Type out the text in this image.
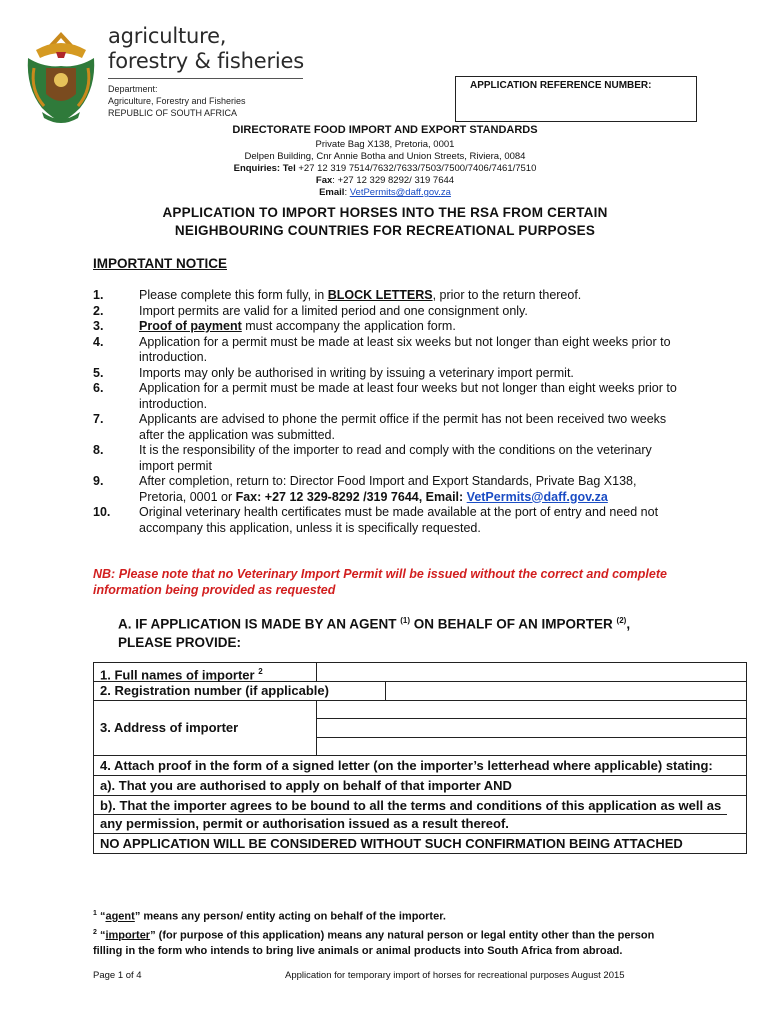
agriculture,
forestry & fisheries
Department:
Agriculture, Forestry and Fisheries
REPUBLIC OF SOUTH AFRICA
APPLICATION REFERENCE NUMBER:
DIRECTORATE FOOD IMPORT AND EXPORT STANDARDS
Private Bag X138, Pretoria, 0001
Delpen Building, Cnr Annie Botha and Union Streets, Riviera, 0084
Enquiries: Tel +27 12 319 7514/7632/7633/7503/7500/7406/7461/7510
Fax: +27 12 329 8292/ 319 7644
Email: VetPermits@daff.gov.za
APPLICATION TO IMPORT HORSES INTO THE RSA FROM CERTAIN
NEIGHBOURING COUNTRIES FOR RECREATIONAL PURPOSES
IMPORTANT NOTICE
1.	Please complete this form fully, in BLOCK LETTERS, prior to the return thereof.
2.	Import permits are valid for a limited period and one consignment only.
3.	Proof of payment must accompany the application form.
4.	Application for a permit must be made at least six weeks but not longer than eight weeks prior to introduction.
5.	Imports may only be authorised in writing by issuing a veterinary import permit.
6.	Application for a permit must be made at least four weeks but not longer than eight weeks prior to introduction.
7.	Applicants are advised to phone the permit office if the permit has not been received two weeks after the application was submitted.
8.	It is the responsibility of the importer to read and comply with the conditions on the veterinary import permit
9.	After completion, return to: Director Food Import and Export Standards, Private Bag X138, Pretoria, 0001 or Fax: +27 12 329-8292 /319 7644, Email: VetPermits@daff.gov.za
10.	Original veterinary health certificates must be made available at the port of entry and need not accompany this application, unless it is specifically requested.
NB: Please note that no Veterinary Import Permit will be issued without the correct and complete information being provided as requested
A. IF APPLICATION IS MADE BY AN AGENT $^{(1)}$ ON BEHALF OF AN IMPORTER $^{(2)}$, PLEASE PROVIDE:
1. Full names of importer $^2$
2. Registration number (if applicable)
3. Address of importer
4. Attach proof in the form of a signed letter (on the importer’s letterhead where applicable) stating:
a). That you are authorised to apply on behalf of that importer AND
b). That the importer agrees to be bound to all the terms and conditions of this application as well as
any permission, permit or authorisation issued as a result thereof.
NO APPLICATION WILL BE CONSIDERED WITHOUT SUCH CONFIRMATION BEING ATTACHED
$^1$ “agent” means any person/ entity acting on behalf of the importer.
$^2$ “importer” (for purpose of this application) means any natural person or legal entity other than the person filling in the form who intends to bring live animals or animal products into South Africa from abroad.
Page 1 of 4	Application for temporary import of horses for recreational purposes August 2015
